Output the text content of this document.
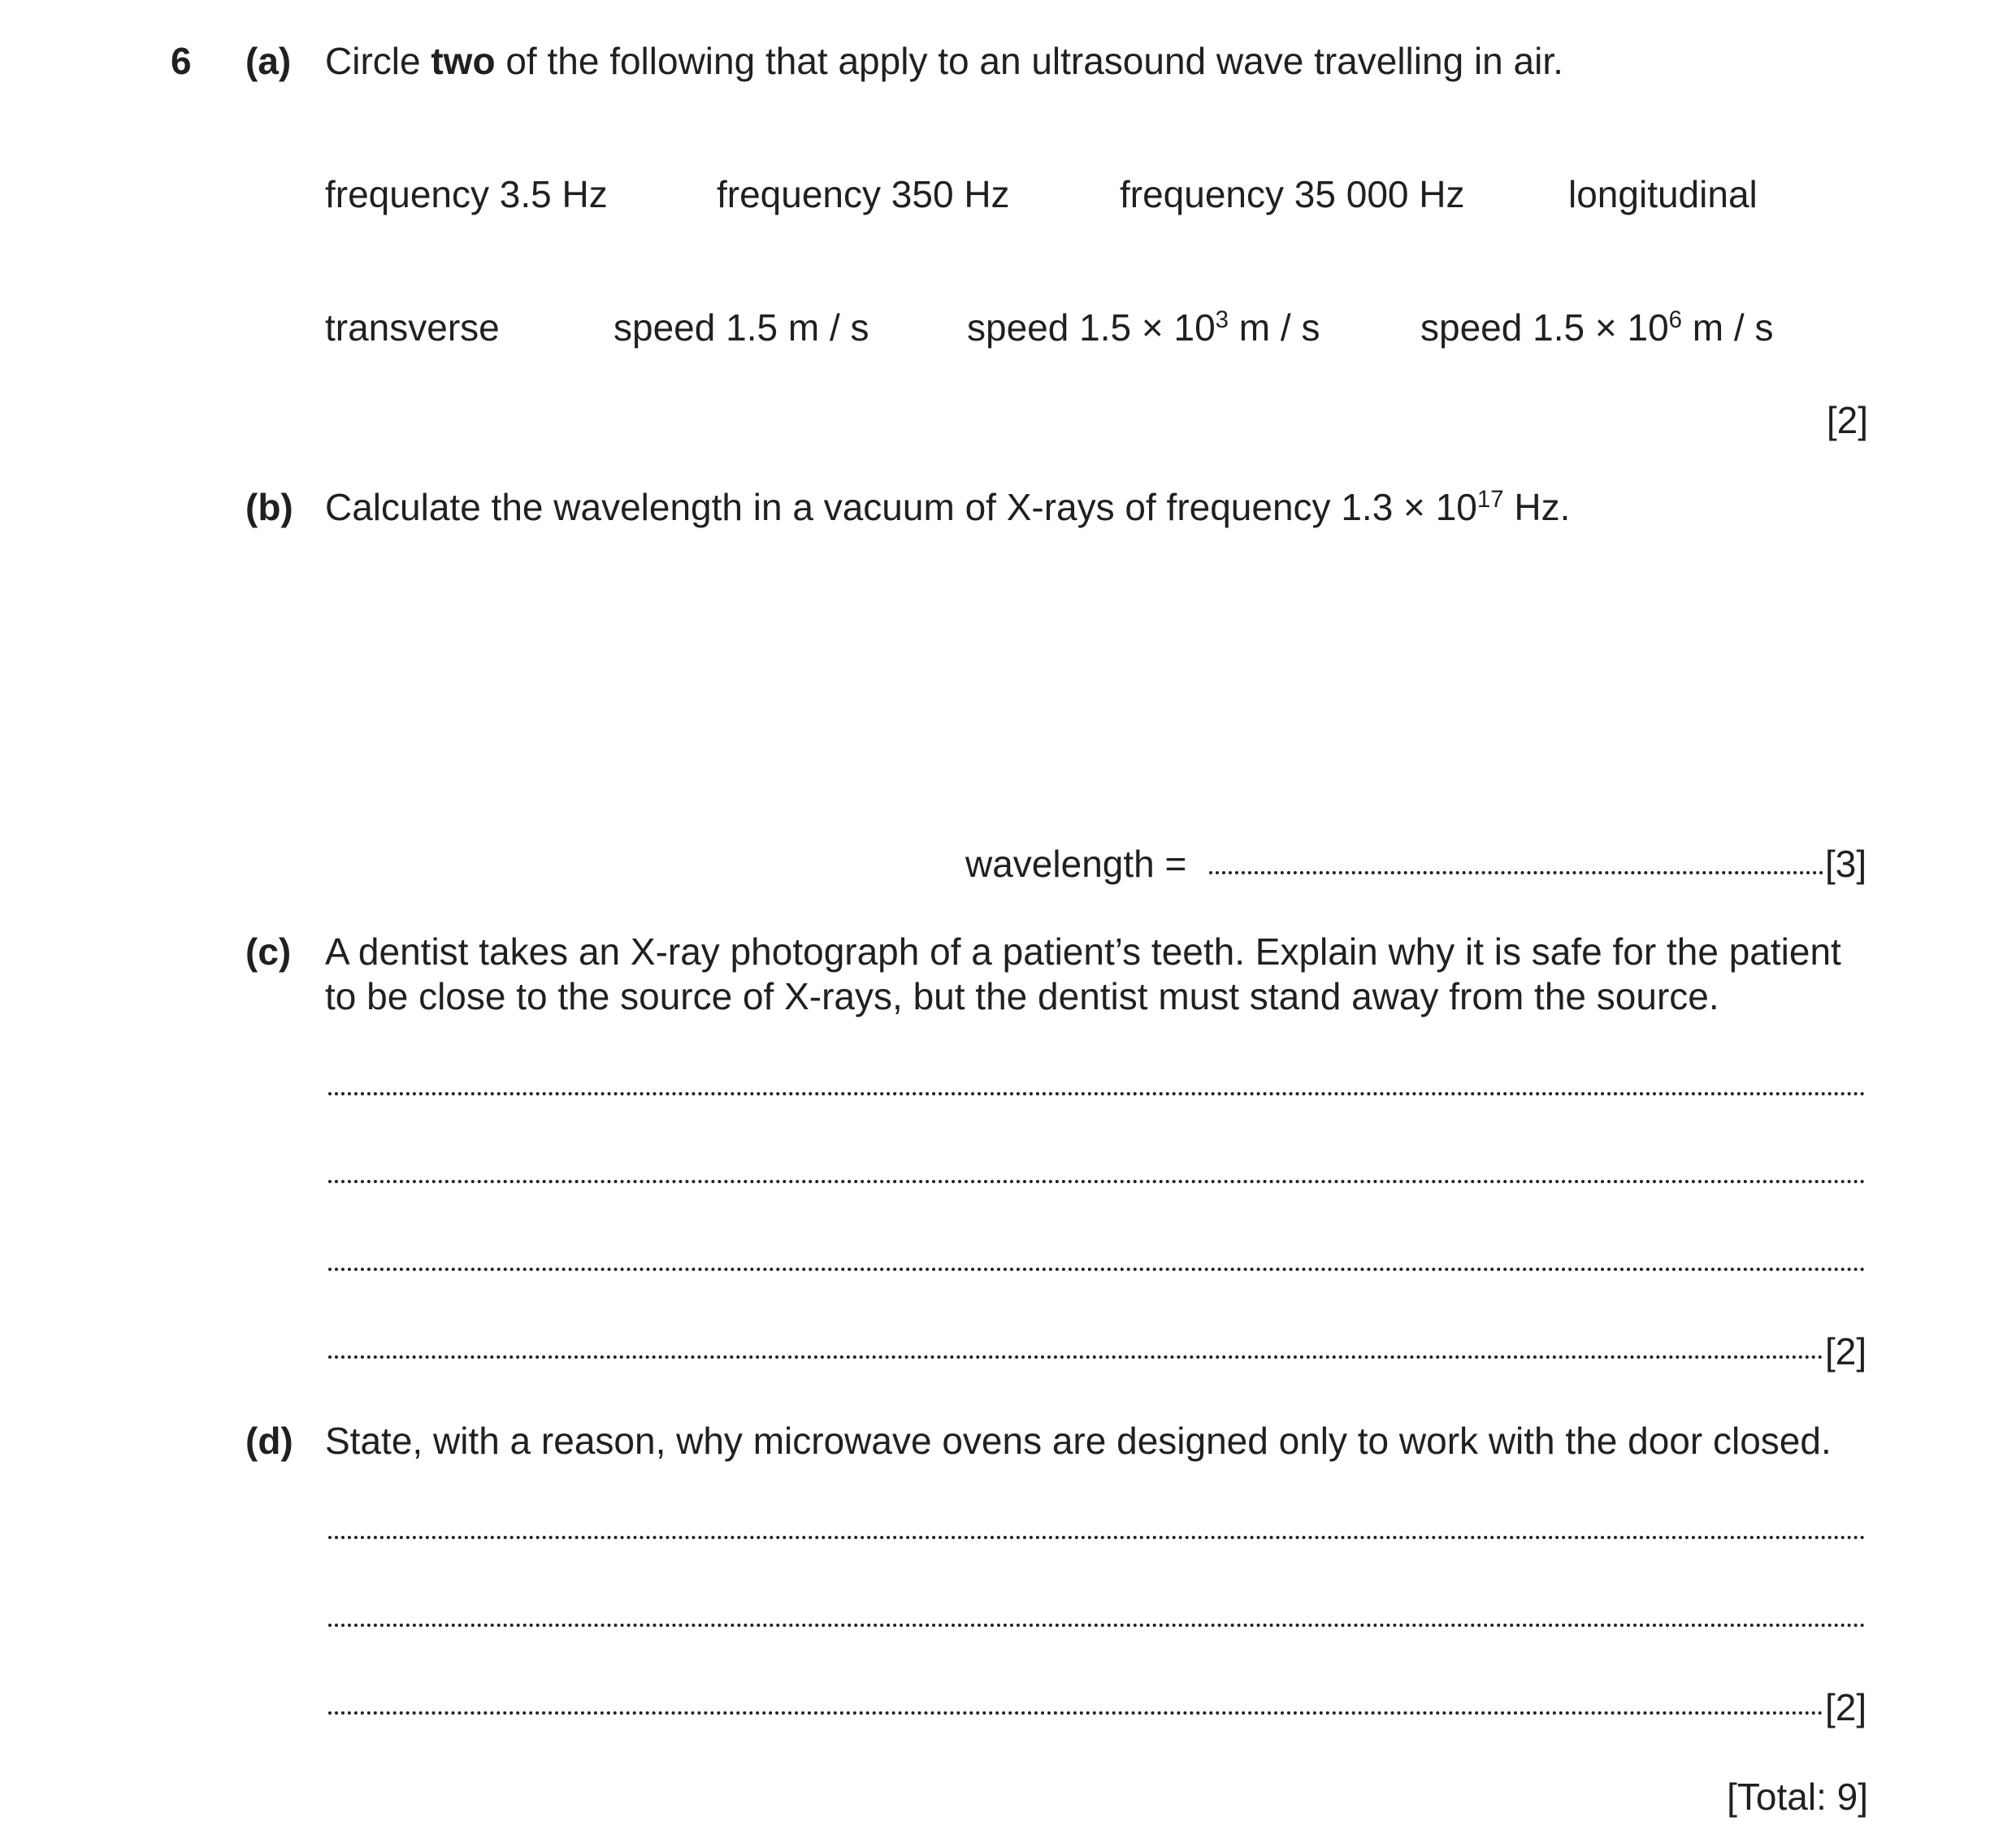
6 (a) Circle two of the following that apply to an ultrasound wave travelling in air.
frequency 3.5 Hz	frequency 350 Hz	frequency 35 000 Hz	longitudinal
transverse	speed 1.5 m / s	speed $1.5 \times 10^3$ m / s	speed $1.5 \times 10^6$ m / s
[2]
(b) Calculate the wavelength in a vacuum of X-rays of frequency $1.3 \times 10^{17}$ Hz.
wavelength =	[3]
(c) A dentist takes an X-ray photograph of a patient’s teeth. Explain why it is safe for the patient
to be close to the source of X-rays, but the dentist must stand away from the source.
[2]
(d) State, with a reason, why microwave ovens are designed only to work with the door closed.
[2]
[Total: 9]
